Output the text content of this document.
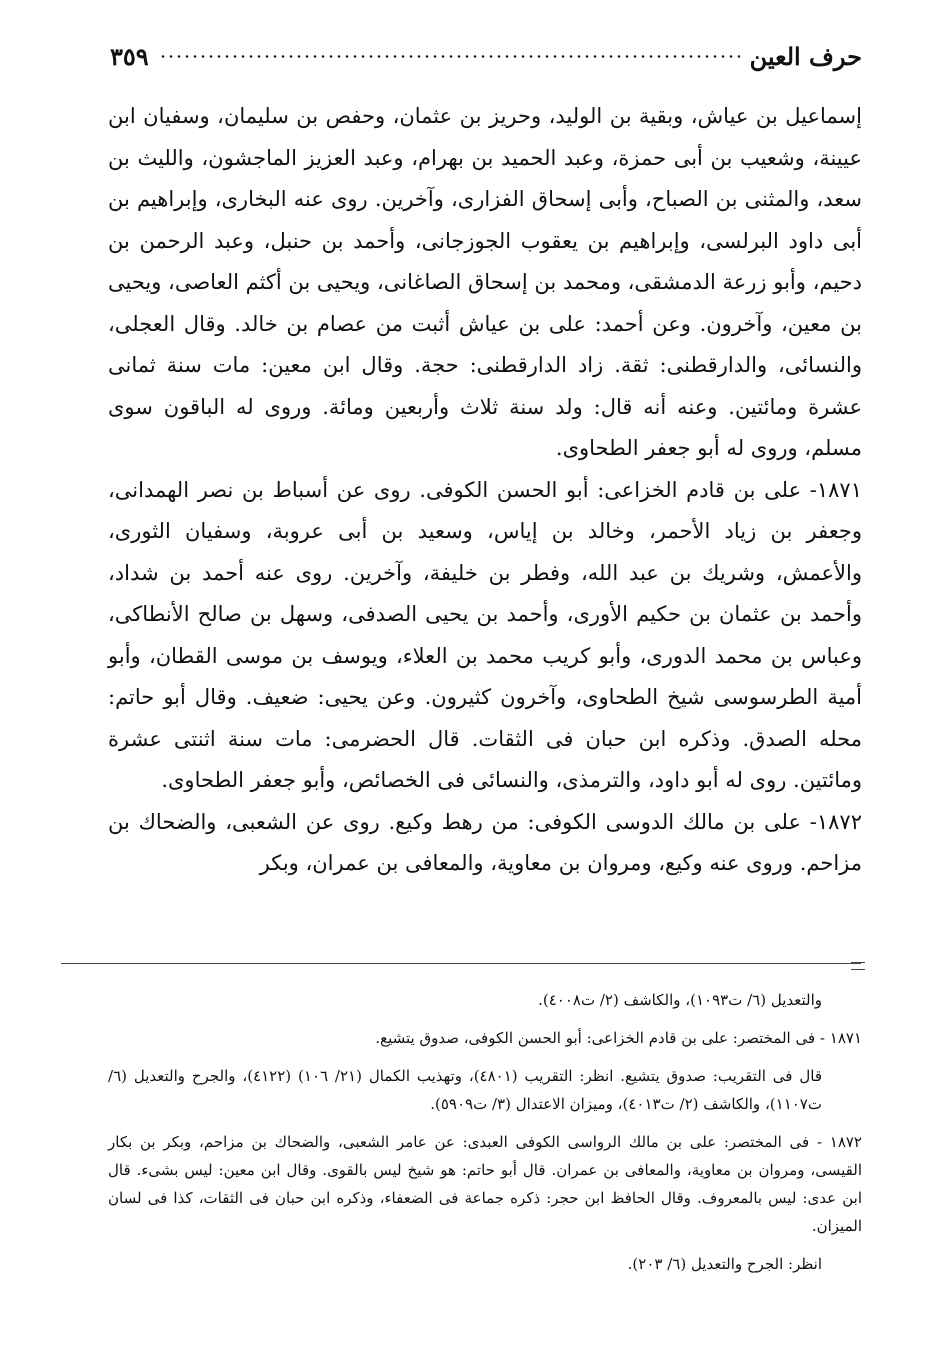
حرف العين
٣٥٩

إسماعيل بن عياش، وبقية بن الوليد، وحريز بن عثمان، وحفص بن سليمان، وسفيان ابن عيينة، وشعيب بن أبى حمزة، وعبد الحميد بن بهرام، وعبد العزيز الماجشون، والليث بن سعد، والمثنى بن الصباح، وأبى إسحاق الفزارى، وآخرين. روى عنه البخارى، وإبراهيم بن أبى داود البرلسى، وإبراهيم بن يعقوب الجوزجانى، وأحمد بن حنبل، وعبد الرحمن بن دحيم، وأبو زرعة الدمشقى، ومحمد بن إسحاق الصاغانى، ويحيى بن أكثم العاصى، ويحيى بن معين، وآخرون. وعن أحمد: على بن عياش أثبت من عصام بن خالد. وقال العجلى، والنسائى، والدارقطنى: ثقة. زاد الدارقطنى: حجة. وقال ابن معين: مات سنة ثمانى عشرة ومائتين. وعنه أنه قال: ولد سنة ثلاث وأربعين ومائة. وروى له الباقون سوى مسلم، وروى له أبو جعفر الطحاوى.

١٨٧١- على بن قادم الخزاعى: أبو الحسن الكوفى. روى عن أسباط بن نصر الهمدانى، وجعفر بن زياد الأحمر، وخالد بن إياس، وسعيد بن أبى عروبة، وسفيان الثورى، والأعمش، وشريك بن عبد الله، وفطر بن خليفة، وآخرين. روى عنه أحمد بن شداد، وأحمد بن عثمان بن حكيم الأورى، وأحمد بن يحيى الصدفى، وسهل بن صالح الأنطاكى، وعباس بن محمد الدورى، وأبو كريب محمد بن العلاء، ويوسف بن موسى القطان، وأبو أمية الطرسوسى شيخ الطحاوى، وآخرون كثيرون. وعن يحيى: ضعيف. وقال أبو حاتم: محله الصدق. وذكره ابن حبان فى الثقات. قال الحضرمى: مات سنة اثنتى عشرة ومائتين. روى له أبو داود، والترمذى، والنسائى فى الخصائص، وأبو جعفر الطحاوى.

١٨٧٢- على بن مالك الدوسى الكوفى: من رهط وكيع. روى عن الشعبى، والضحاك بن مزاحم. وروى عنه وكيع، ومروان بن معاوية، والمعافى بن عمران، وبكر

والتعديل (٦/ ت١٠٩٣)، والكاشف (٢/ ت٤٠٠٨).

١٨٧١ - فى المختصر: على بن قادم الخزاعى: أبو الحسن الكوفى، صدوق يتشيع.

قال فى التقريب: صدوق يتشيع. انظر: التقريب (٤٨٠١)، وتهذيب الكمال (٢١/ ١٠٦) (٤١٢٢)، والجرح والتعديل (٦/ ت١١٠٧)، والكاشف (٢/ ت٤٠١٣)، وميزان الاعتدال (٣/ ت٥٩٠٩).

١٨٧٢ - فى المختصر: على بن مالك الرواسى الكوفى العبدى: عن عامر الشعبى، والضحاك بن مزاحم، وبكر بن بكار القيسى، ومروان بن معاوية، والمعافى بن عمران. قال أبو حاتم: هو شيخ ليس بالقوى. وقال ابن معين: ليس بشىء. قال ابن عدى: ليس بالمعروف. وقال الحافظ ابن حجر: ذكره جماعة فى الضعفاء، وذكره ابن حبان فى الثقات، كذا فى لسان الميزان.

انظر: الجرح والتعديل (٦/ ٢٠٣).
